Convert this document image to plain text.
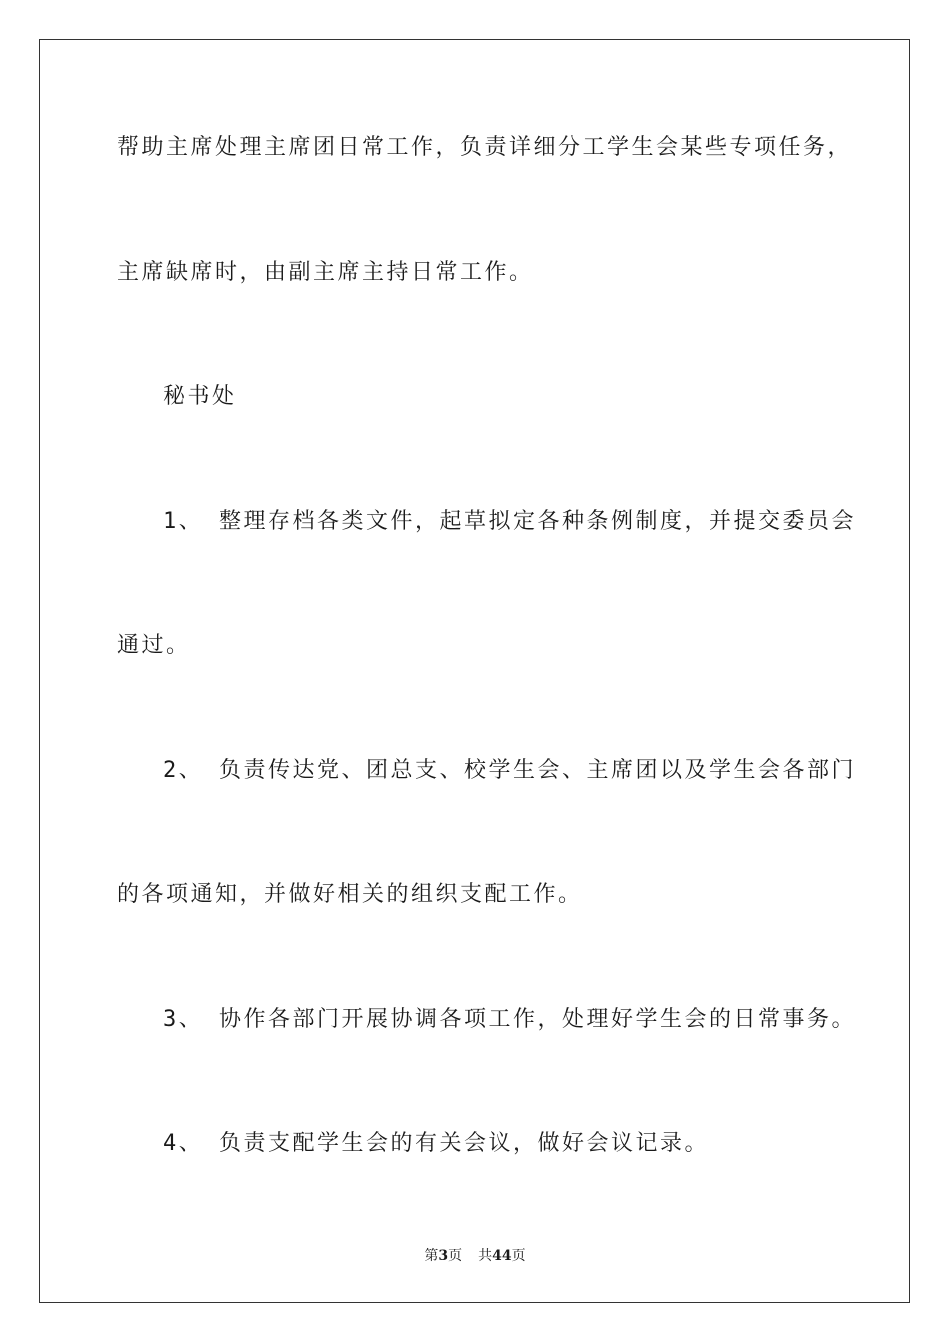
帮助主席处理主席团日常工作，负责详细分工学生会某些专项任务，
主席缺席时，由副主席主持日常工作。
秘书处
1、 整理存档各类文件，起草拟定各种条例制度，并提交委员会
通过。
2、 负责传达党、团总支、校学生会、主席团以及学生会各部门
的各项通知，并做好相关的组织支配工作。
3、 协作各部门开展协调各项工作，处理好学生会的日常事务。
4、 负责支配学生会的有关会议，做好会议记录。
第3页 共44页
